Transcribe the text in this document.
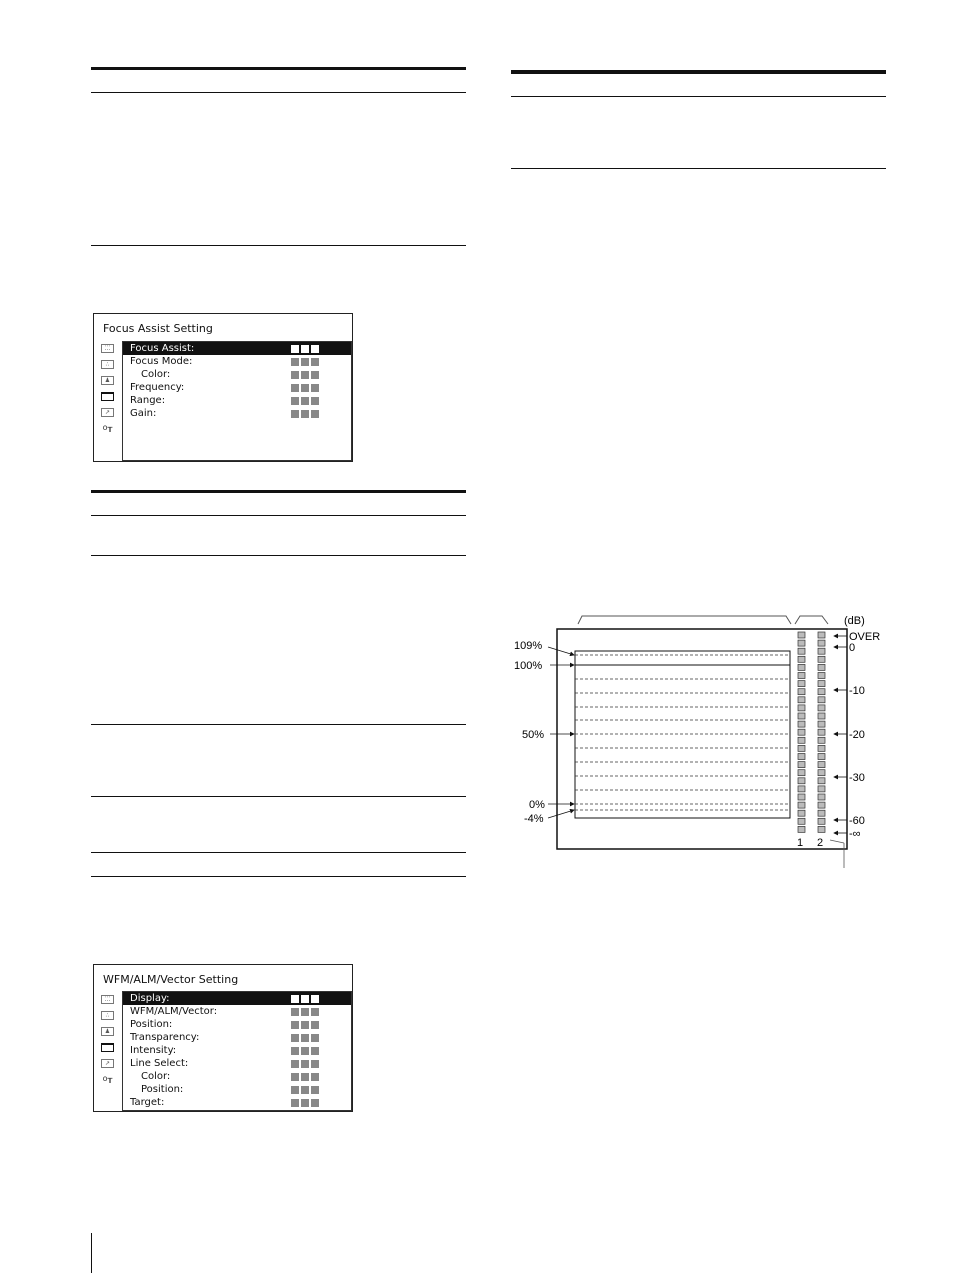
Focus Assist Setting
⁚⁚⁚
∴
♟
↗
o╥
Focus Assist:
Focus Mode:
Color:
Frequency:
Range:
Gain:
WFM/ALM/Vector Setting
⁚⁚⁚
∴
♟
↗
o╥
Display:
WFM/ALM/Vector:
Position:
Transparency:
Intensity:
Line Select:
Color:
Position:
Target:
109%
100%
50%
0%
-4%
1 2
(dB)
OVER
0
-10
-20
-30
-60
-∞
